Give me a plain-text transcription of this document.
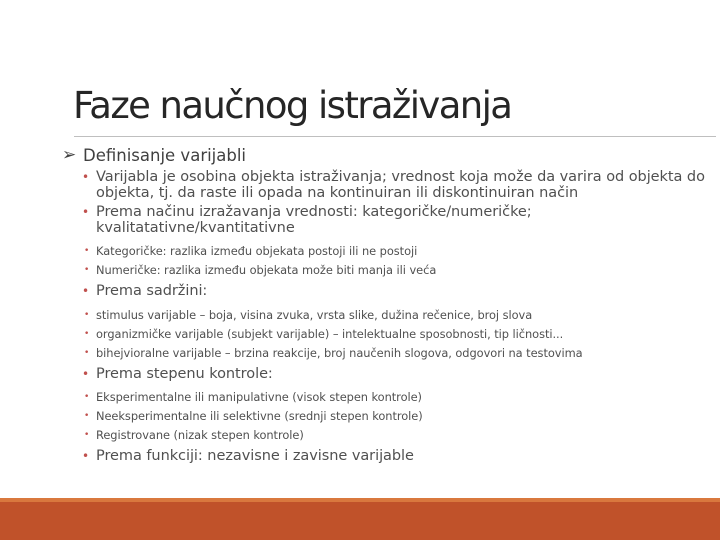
Faze naučnog istraživanja
➢ Definisanje varijabli
• Varijabla je osobina objekta istraživanja; vrednost koja može da varira od objekta do objekta, tj. da raste ili opada na kontinuiran ili diskontinuiran način
• Prema načinu izražavanja vrednosti: kategoričke/numeričke; kvalitatativne/kvantitativne
• Kategoričke: razlika između objekata postoji ili ne postoji
• Numeričke: razlika između objekata može biti manja ili veća
• Prema sadržini:
• stimulus varijable – boja, visina zvuka, vrsta slike, dužina rečenice, broj slova
• organizmičke varijable (subjekt varijable) – intelektualne sposobnosti, tip ličnosti...
• bihejvioralne varijable – brzina reakcije, broj naučenih slogova, odgovori na testovima
• Prema stepenu kontrole:
• Eksperimentalne ili manipulativne (visok stepen kontrole)
• Neeksperimentalne ili selektivne (srednji stepen kontrole)
• Registrovane (nizak stepen kontrole)
• Prema funkciji: nezavisne i zavisne varijable
